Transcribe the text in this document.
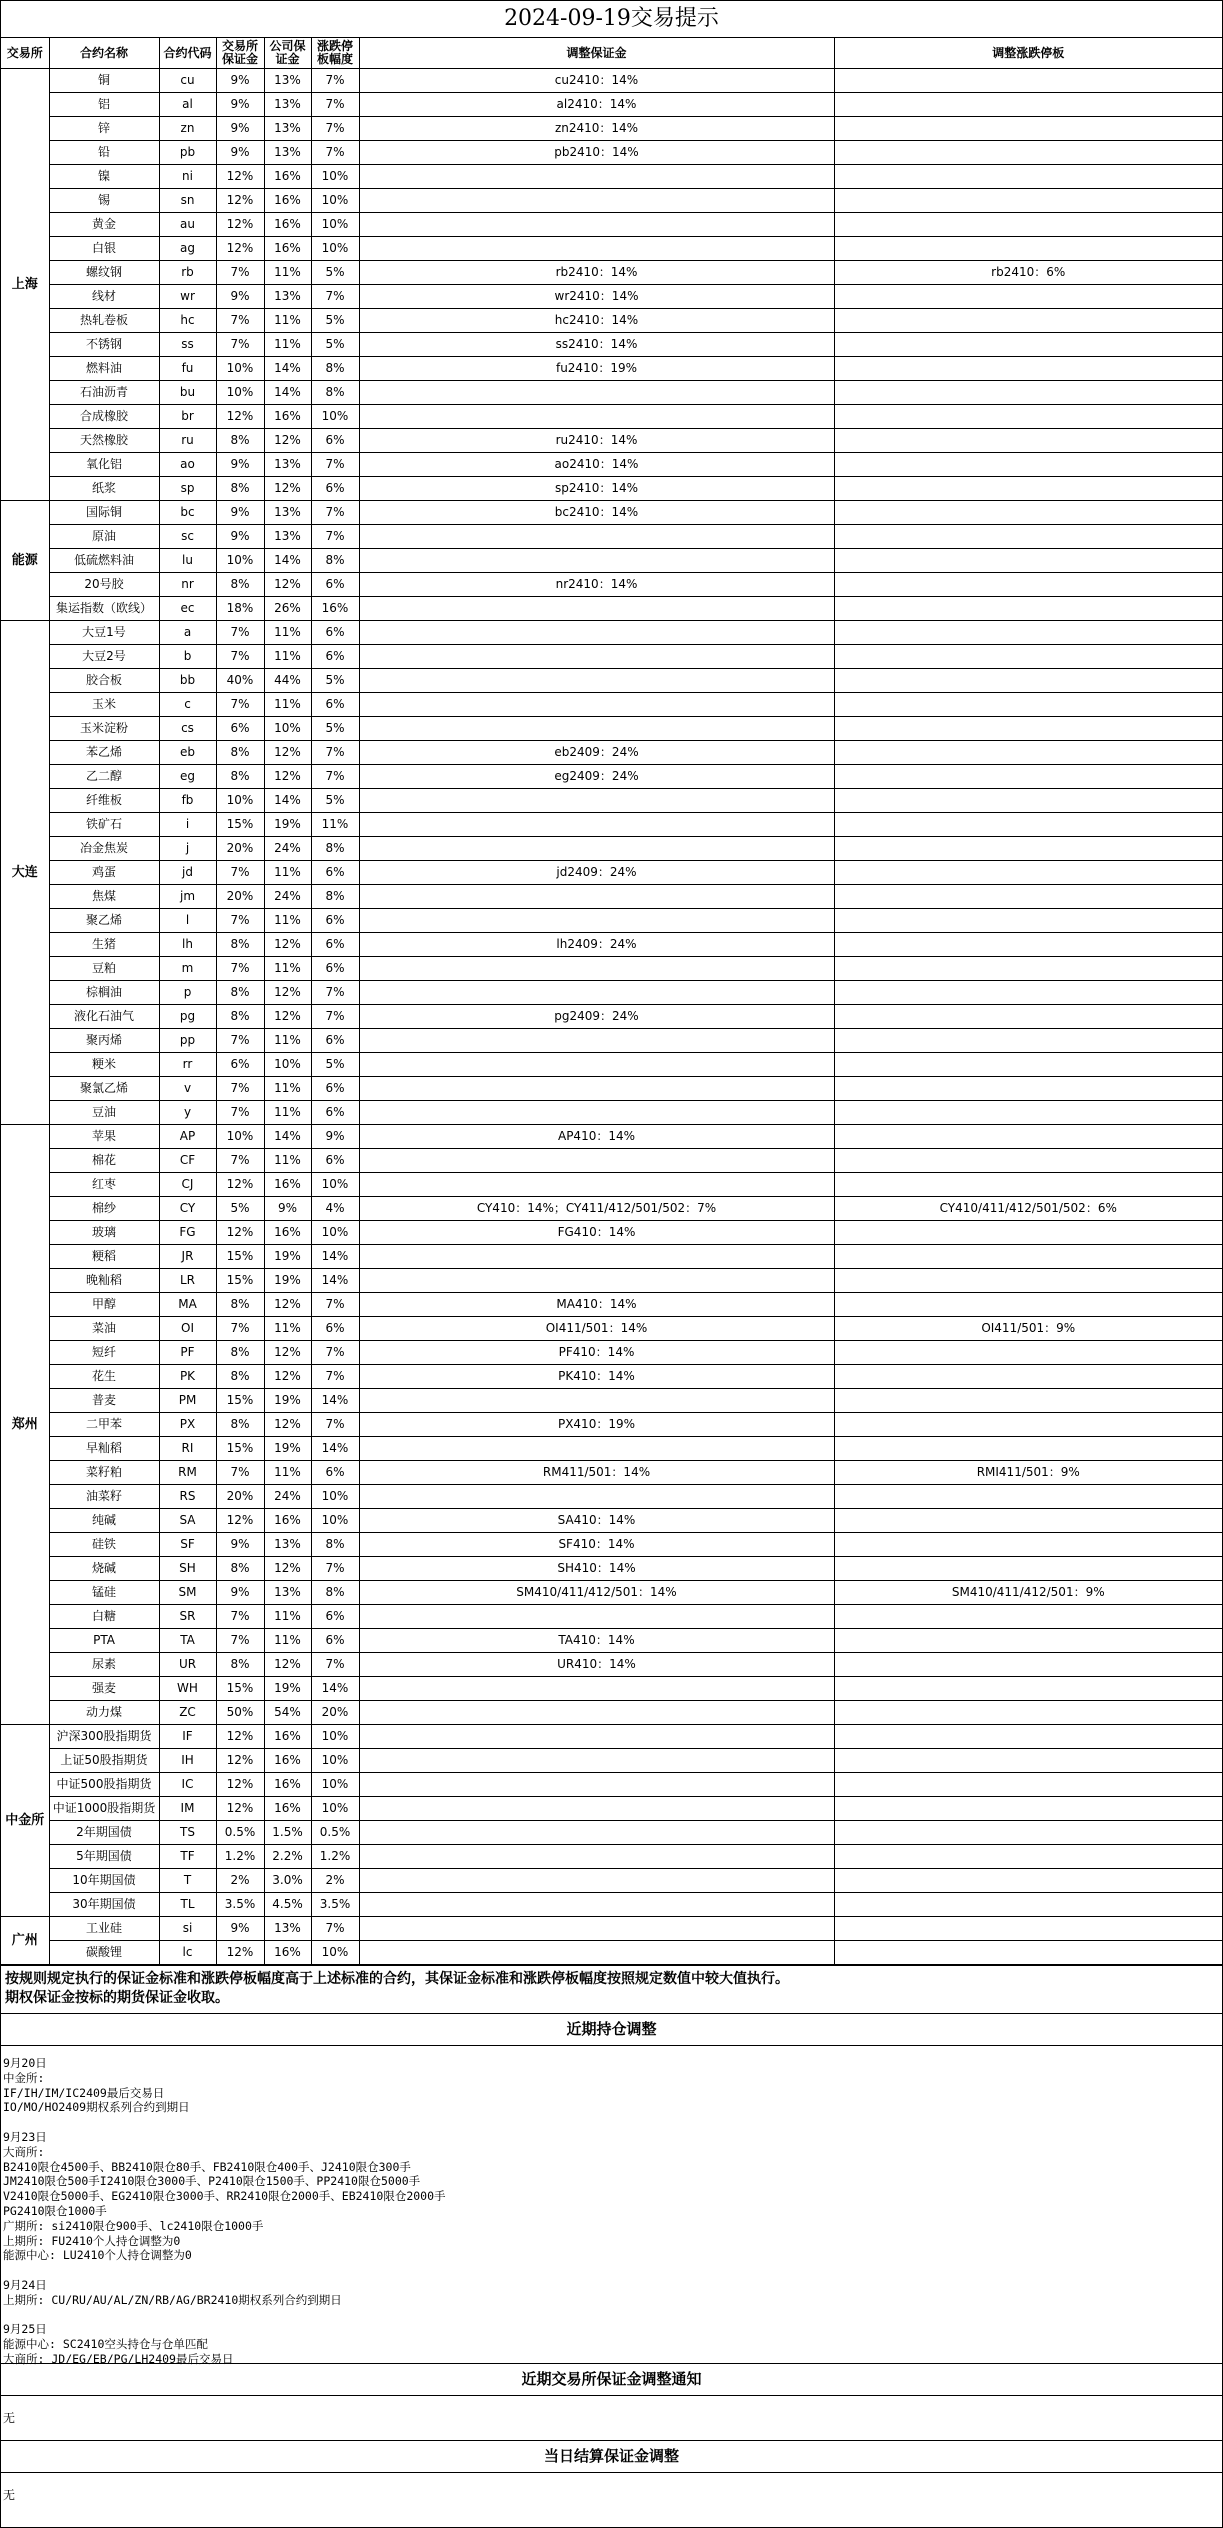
2024-09-19交易提示
交易所	合约名称	合约代码	交易所保证金	公司保证金	涨跌停板幅度	调整保证金	调整涨跌停板
上海	铜	cu	9%	13%	7%	cu2410：14%	
	铝	al	9%	13%	7%	al2410：14%	
	锌	zn	9%	13%	7%	zn2410：14%	
	铅	pb	9%	13%	7%	pb2410：14%	
	镍	ni	12%	16%	10%		
	锡	sn	12%	16%	10%		
	黄金	au	12%	16%	10%		
	白银	ag	12%	16%	10%		
	螺纹钢	rb	7%	11%	5%	rb2410：14%	rb2410：6%
	线材	wr	9%	13%	7%	wr2410：14%	
	热轧卷板	hc	7%	11%	5%	hc2410：14%	
	不锈钢	ss	7%	11%	5%	ss2410：14%	
	燃料油	fu	10%	14%	8%	fu2410：19%	
	石油沥青	bu	10%	14%	8%		
	合成橡胶	br	12%	16%	10%		
	天然橡胶	ru	8%	12%	6%	ru2410：14%	
	氧化铝	ao	9%	13%	7%	ao2410：14%	
	纸浆	sp	8%	12%	6%	sp2410：14%	
能源	国际铜	bc	9%	13%	7%	bc2410：14%	
	原油	sc	9%	13%	7%		
	低硫燃料油	lu	10%	14%	8%		
	20号胶	nr	8%	12%	6%	nr2410：14%	
	集运指数（欧线）	ec	18%	26%	16%		
大连	大豆1号	a	7%	11%	6%		
	大豆2号	b	7%	11%	6%		
	胶合板	bb	40%	44%	5%		
	玉米	c	7%	11%	6%		
	玉米淀粉	cs	6%	10%	5%		
	苯乙烯	eb	8%	12%	7%	eb2409：24%	
	乙二醇	eg	8%	12%	7%	eg2409：24%	
	纤维板	fb	10%	14%	5%		
	铁矿石	i	15%	19%	11%		
	冶金焦炭	j	20%	24%	8%		
	鸡蛋	jd	7%	11%	6%	jd2409：24%	
	焦煤	jm	20%	24%	8%		
	聚乙烯	l	7%	11%	6%		
	生猪	lh	8%	12%	6%	lh2409：24%	
	豆粕	m	7%	11%	6%		
	棕榈油	p	8%	12%	7%		
	液化石油气	pg	8%	12%	7%	pg2409：24%	
	聚丙烯	pp	7%	11%	6%		
	粳米	rr	6%	10%	5%		
	聚氯乙烯	v	7%	11%	6%		
	豆油	y	7%	11%	6%		
郑州	苹果	AP	10%	14%	9%	AP410：14%	
	棉花	CF	7%	11%	6%		
	红枣	CJ	12%	16%	10%		
	棉纱	CY	5%	9%	4%	CY410：14%；CY411/412/501/502：7%	CY410/411/412/501/502：6%
	玻璃	FG	12%	16%	10%	FG410：14%	
	粳稻	JR	15%	19%	14%		
	晚籼稻	LR	15%	19%	14%		
	甲醇	MA	8%	12%	7%	MA410：14%	
	菜油	OI	7%	11%	6%	OI411/501：14%	OI411/501：9%
	短纤	PF	8%	12%	7%	PF410：14%	
	花生	PK	8%	12%	7%	PK410：14%	
	普麦	PM	15%	19%	14%		
	二甲苯	PX	8%	12%	7%	PX410：19%	
	早籼稻	RI	15%	19%	14%		
	菜籽粕	RM	7%	11%	6%	RM411/501：14%	RMI411/501：9%
	油菜籽	RS	20%	24%	10%		
	纯碱	SA	12%	16%	10%	SA410：14%	
	硅铁	SF	9%	13%	8%	SF410：14%	
	烧碱	SH	8%	12%	7%	SH410：14%	
	锰硅	SM	9%	13%	8%	SM410/411/412/501：14%	SM410/411/412/501：9%
	白糖	SR	7%	11%	6%		
	PTA	TA	7%	11%	6%	TA410：14%	
	尿素	UR	8%	12%	7%	UR410：14%	
	强麦	WH	15%	19%	14%		
	动力煤	ZC	50%	54%	20%		
中金所	沪深300股指期货	IF	12%	16%	10%		
	上证50股指期货	IH	12%	16%	10%		
	中证500股指期货	IC	12%	16%	10%		
	中证1000股指期货	IM	12%	16%	10%		
	2年期国债	TS	0.5%	1.5%	0.5%		
	5年期国债	TF	1.2%	2.2%	1.2%		
	10年期国债	T	2%	3.0%	2%		
	30年期国债	TL	3.5%	4.5%	3.5%		
广州	工业硅	si	9%	13%	7%		
	碳酸锂	lc	12%	16%	10%		
按规则规定执行的保证金标准和涨跌停板幅度高于上述标准的合约，其保证金标准和涨跌停板幅度按照规定数值中较大值执行。
期权保证金按标的期货保证金收取。
近期持仓调整
9月20日
中金所:
IF/IH/IM/IC2409最后交易日
IO/MO/HO2409期权系列合约到期日
9月23日
大商所:
B2410限仓4500手、BB2410限仓80手、FB2410限仓400手、J2410限仓300手
JM2410限仓500手I2410限仓3000手、P2410限仓1500手、PP2410限仓5000手
V2410限仓5000手、EG2410限仓3000手、RR2410限仓2000手、EB2410限仓2000手
PG2410限仓1000手
广期所: si2410限仓900手、lc2410限仓1000手
上期所: FU2410个人持仓调整为0
能源中心: LU2410个人持仓调整为0
9月24日
上期所: CU/RU/AU/AL/ZN/RB/AG/BR2410期权系列合约到期日
9月25日
能源中心: SC2410空头持仓与仓单匹配
大商所: JD/EG/EB/PG/LH2409最后交易日
近期交易所保证金调整通知
无
当日结算保证金调整
无
